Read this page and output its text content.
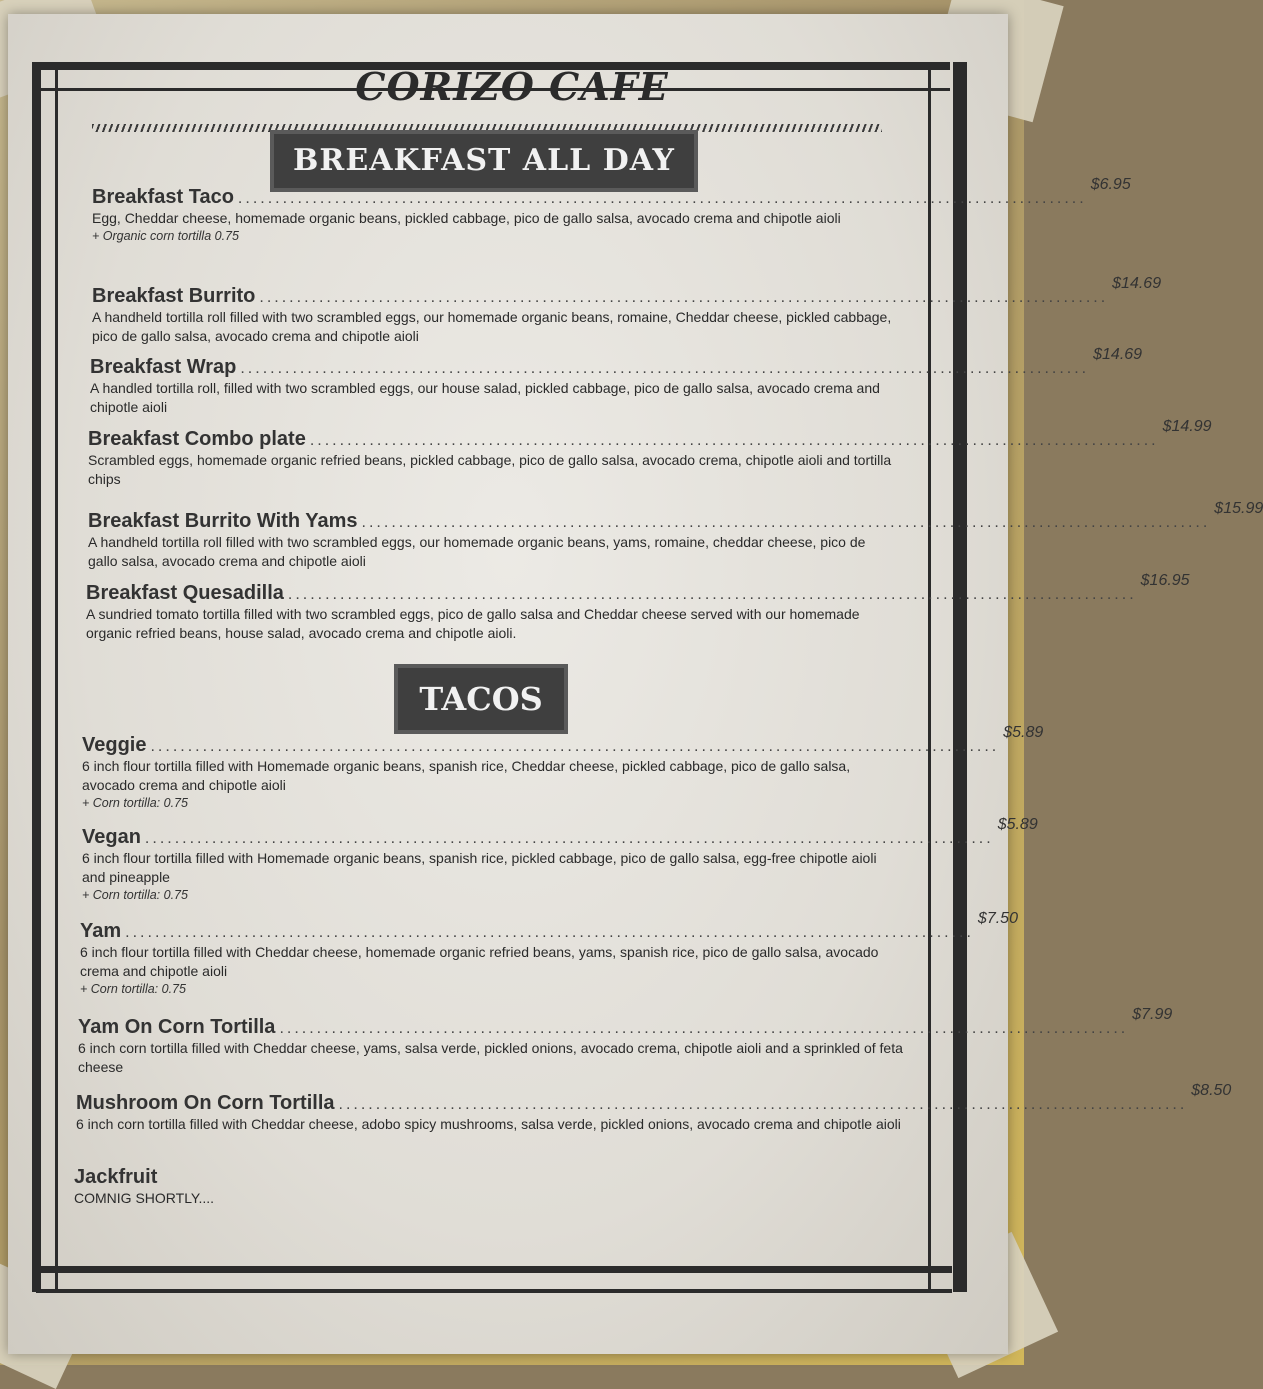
CORIZO CAFE
BREAKFAST ALL DAY
Breakfast Taco ..................................................................................................................
$6.95
Egg, Cheddar cheese, homemade organic beans, pickled cabbage, pico de gallo salsa, avocado crema and chipotle aioli
+ Organic corn tortilla 0.75
Breakfast Burrito ..................................................................................................................
$14.69
A handheld tortilla roll filled with two scrambled eggs, our homemade organic beans, romaine, Cheddar cheese, pickled cabbage, pico de gallo salsa, avocado crema and chipotle aioli
Breakfast Wrap ..................................................................................................................
$14.69
A handled tortilla roll, filled with two scrambled eggs, our house salad, pickled cabbage, pico de gallo salsa, avocado crema and chipotle aioli
Breakfast Combo plate ..................................................................................................................
$14.99
Scrambled eggs, homemade organic refried beans, pickled cabbage, pico de gallo salsa, avocado crema, chipotle aioli and tortilla chips
Breakfast Burrito With Yams ..................................................................................................................
$15.99
A handheld tortilla roll filled with two scrambled eggs, our homemade organic beans, yams, romaine, cheddar cheese, pico de gallo salsa, avocado crema and chipotle aioli
Breakfast Quesadilla ..................................................................................................................
$16.95
A sundried tomato tortilla filled with two scrambled eggs, pico de gallo salsa and Cheddar cheese served with our homemade organic refried beans, house salad, avocado crema and chipotle aioli.
TACOS
Veggie ..................................................................................................................
$5.89
6 inch flour tortilla filled with Homemade organic beans, spanish rice, Cheddar cheese, pickled cabbage, pico de gallo salsa, avocado crema and chipotle aioli
+ Corn tortilla: 0.75
Vegan ..................................................................................................................
$5.89
6 inch flour tortilla filled with Homemade organic beans, spanish rice, pickled cabbage, pico de gallo salsa, egg-free chipotle aioli and pineapple
+ Corn tortilla: 0.75
Yam ..................................................................................................................
$7.50
6 inch flour tortilla filled with Cheddar cheese, homemade organic refried beans, yams, spanish rice, pico de gallo salsa, avocado crema and chipotle aioli
+ Corn tortilla: 0.75
Yam On Corn Tortilla ..................................................................................................................
$7.99
6 inch corn tortilla filled with Cheddar cheese, yams, salsa verde, pickled onions, avocado crema, chipotle aioli and a sprinkled of feta cheese
Mushroom On Corn Tortilla ..................................................................................................................
$8.50
6 inch corn tortilla filled with Cheddar cheese, adobo spicy mushrooms, salsa verde, pickled onions, avocado crema and chipotle aioli
Jackfruit
COMNIG SHORTLY....
